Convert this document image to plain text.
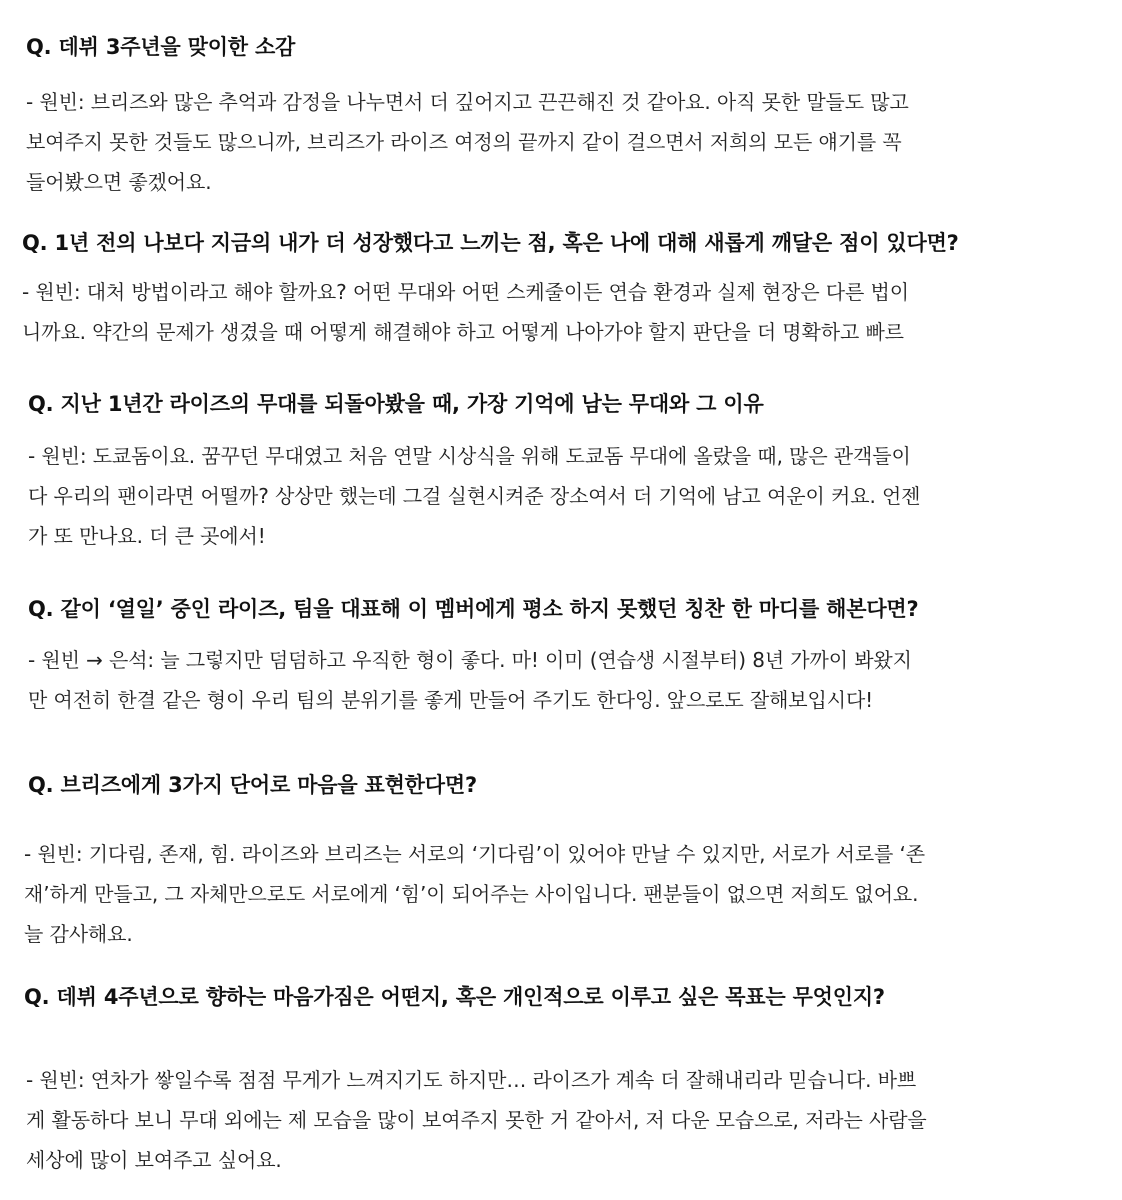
Q. 데뷔 3주년을 맞이한 소감

- 원빈: 브리즈와 많은 추억과 감정을 나누면서 더 깊어지고 끈끈해진 것 같아요. 아직 못한 말들도 많고
보여주지 못한 것들도 많으니까, 브리즈가 라이즈 여정의 끝까지 같이 걸으면서 저희의 모든 얘기를 꼭
들어봤으면 좋겠어요.

Q. 1년 전의 나보다 지금의 내가 더 성장했다고 느끼는 점, 혹은 나에 대해 새롭게 깨달은 점이 있다면?

- 원빈: 대처 방법이라고 해야 할까요? 어떤 무대와 어떤 스케줄이든 연습 환경과 실제 현장은 다른 법이
니까요. 약간의 문제가 생겼을 때 어떻게 해결해야 하고 어떻게 나아가야 할지 판단을 더 명확하고 빠르

Q. 지난 1년간 라이즈의 무대를 되돌아봤을 때, 가장 기억에 남는 무대와 그 이유

- 원빈: 도쿄돔이요. 꿈꾸던 무대였고 처음 연말 시상식을 위해 도쿄돔 무대에 올랐을 때, 많은 관객들이
다 우리의 팬이라면 어떨까? 상상만 했는데 그걸 실현시켜준 장소여서 더 기억에 남고 여운이 커요. 언젠
가 또 만나요. 더 큰 곳에서!

Q. 같이 ‘열일’ 중인 라이즈, 팀을 대표해 이 멤버에게 평소 하지 못했던 칭찬 한 마디를 해본다면?

- 원빈 → 은석: 늘 그렇지만 덤덤하고 우직한 형이 좋다. 마! 이미 (연습생 시절부터) 8년 가까이 봐왔지
만 여전히 한결 같은 형이 우리 팀의 분위기를 좋게 만들어 주기도 한다잉. 앞으로도 잘해보입시다!

Q. 브리즈에게 3가지 단어로 마음을 표현한다면?

- 원빈: 기다림, 존재, 힘. 라이즈와 브리즈는 서로의 ‘기다림’이 있어야 만날 수 있지만, 서로가 서로를 ‘존
재’하게 만들고, 그 자체만으로도 서로에게 ‘힘’이 되어주는 사이입니다. 팬분들이 없으면 저희도 없어요.
늘 감사해요.

Q. 데뷔 4주년으로 향하는 마음가짐은 어떤지, 혹은 개인적으로 이루고 싶은 목표는 무엇인지?

- 원빈: 연차가 쌓일수록 점점 무게가 느껴지기도 하지만… 라이즈가 계속 더 잘해내리라 믿습니다. 바쁘
게 활동하다 보니 무대 외에는 제 모습을 많이 보여주지 못한 거 같아서, 저 다운 모습으로, 저라는 사람을
세상에 많이 보여주고 싶어요.
